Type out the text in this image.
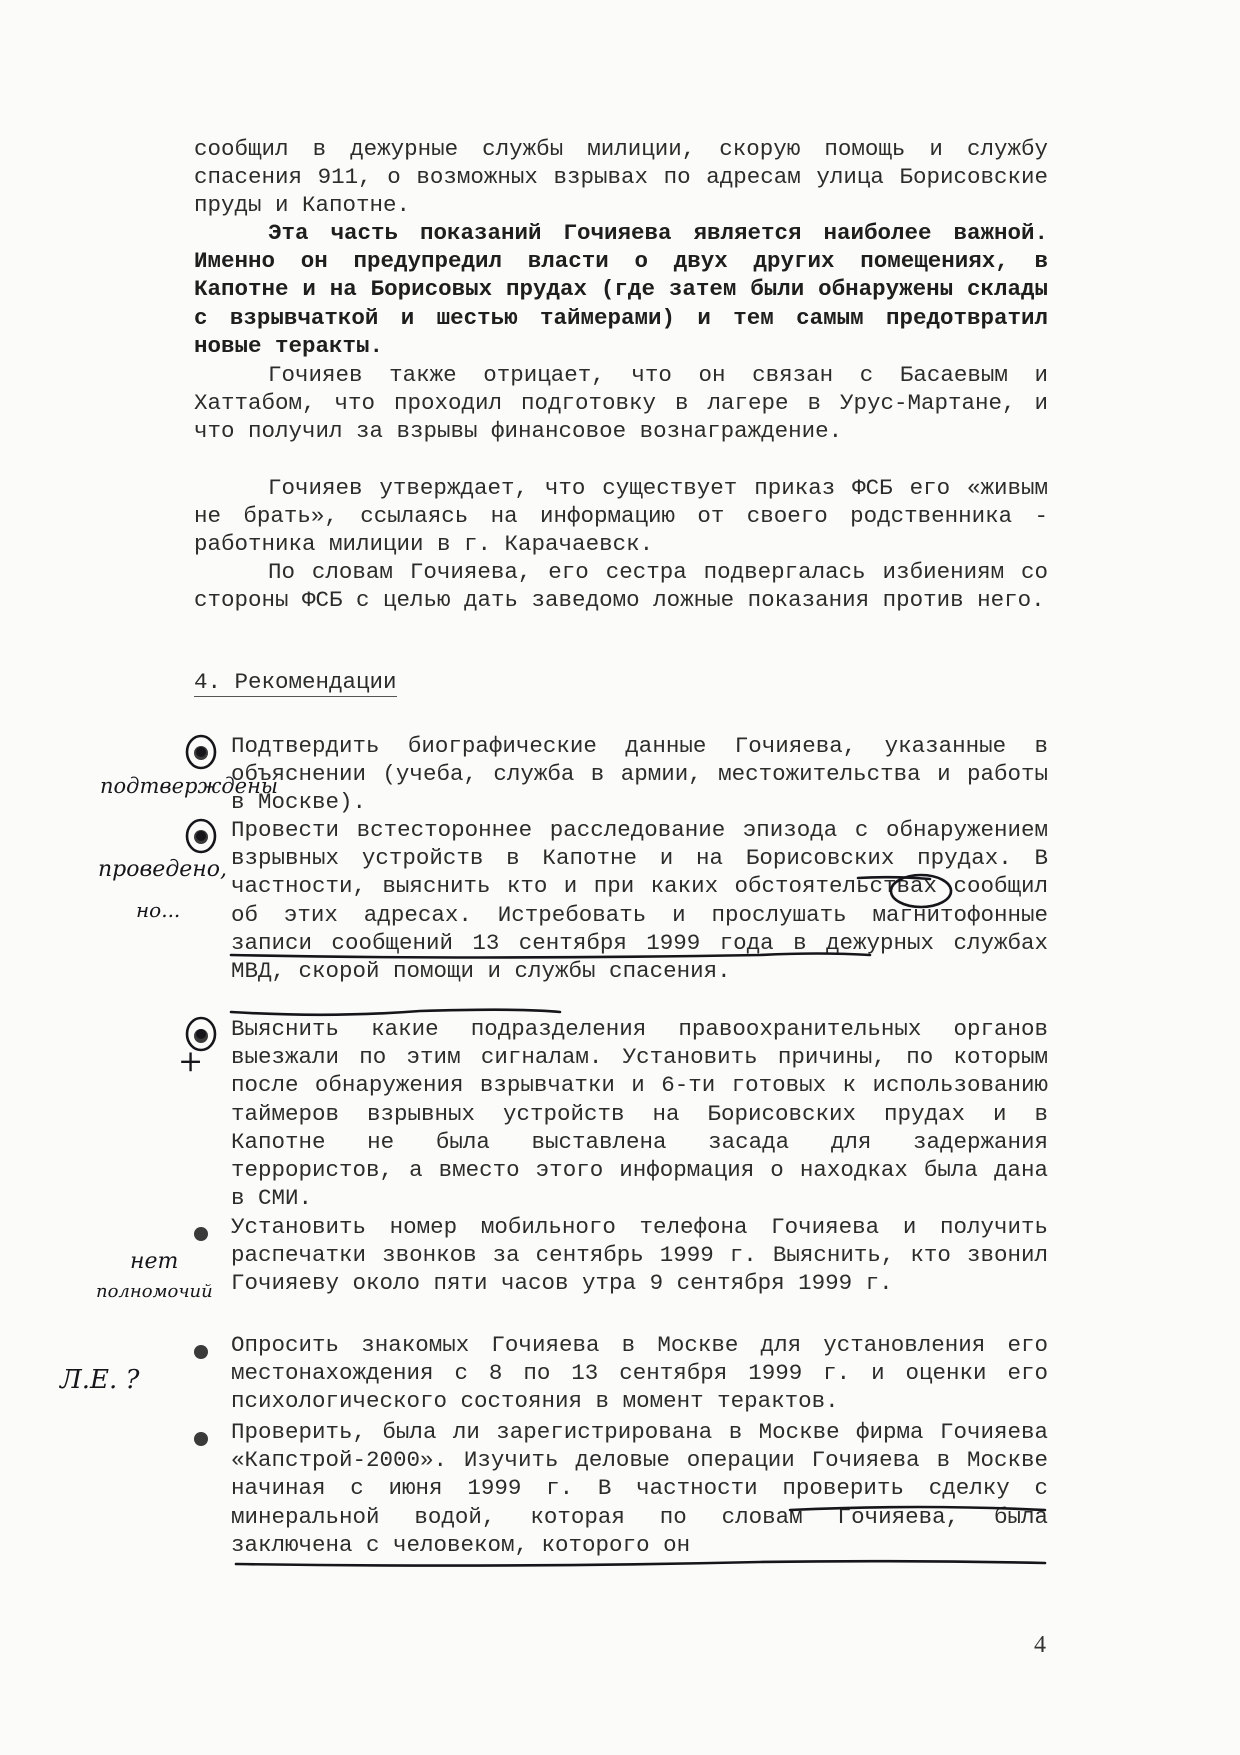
сообщил в дежурные службы милиции, скорую помощь и службу спасения 911, о возможных взрывах по адресам улица Борисовские пруды и Капотне.

Эта часть показаний Гочияева является наиболее важной. Именно он предупредил власти о двух других помещениях, в Капотне и на Борисовых прудах (где затем были обнаружены склады с взрывчаткой и шестью таймерами) и тем самым предотвратил новые теракты.

Гочияев также отрицает, что он связан с Басаевым и Хаттабом, что проходил подготовку в лагере в Урус-Мартане, и что получил за взрывы финансовое вознаграждение.

Гочияев утверждает, что существует приказ ФСБ его «живым не брать», ссылаясь на информацию от своего родственника - работника милиции в г. Карачаевск.

По словам Гочияева, его сестра подвергалась избиениям со стороны ФСБ с целью дать заведомо ложные показания против него.

4. Рекомендации

Подтвердить биографические данные Гочияева, указанные в объяснении (учеба, служба в армии, местожительства и работы в Москве).

Провести встестороннее расследование эпизода с обнаружением взрывных устройств в Капотне и на Борисовских прудах. В частности, выяснить кто и при каких обстоятельствах сообщил об этих адресах. Истребовать и прослушать магнитофонные записи сообщений 13 сентября 1999 года в дежурных службах МВД, скорой помощи и службы спасения.

Выяснить какие подразделения правоохранительных органов выезжали по этим сигналам. Установить причины, по которым после обнаружения взрывчатки и 6-ти готовых к использованию таймеров взрывных устройств на Борисовских прудах и в Капотне не была выставлена засада для задержания террористов, а вместо этого информация о находках была дана в СМИ.

Установить номер мобильного телефона Гочияева и получить распечатки звонков за сентябрь 1999 г. Выяснить, кто звонил Гочияеву около пяти часов утра 9 сентября 1999 г.

Опросить знакомых Гочияева в Москве для установления его местонахождения с 8 по 13 сентября 1999 г. и оценки его психологического состояния в момент терактов.

Проверить, была ли зарегистрирована в Москве фирма Гочияева «Капстрой-2000». Изучить деловые операции Гочияева в Москве начиная с июня 1999 г. В частности проверить сделку с минеральной водой, которая по словам Гочияева, была заключена с человеком, которого он

подтверждены

проведено,

но...

+

нет

полномочий

Л.Е. ?

4
